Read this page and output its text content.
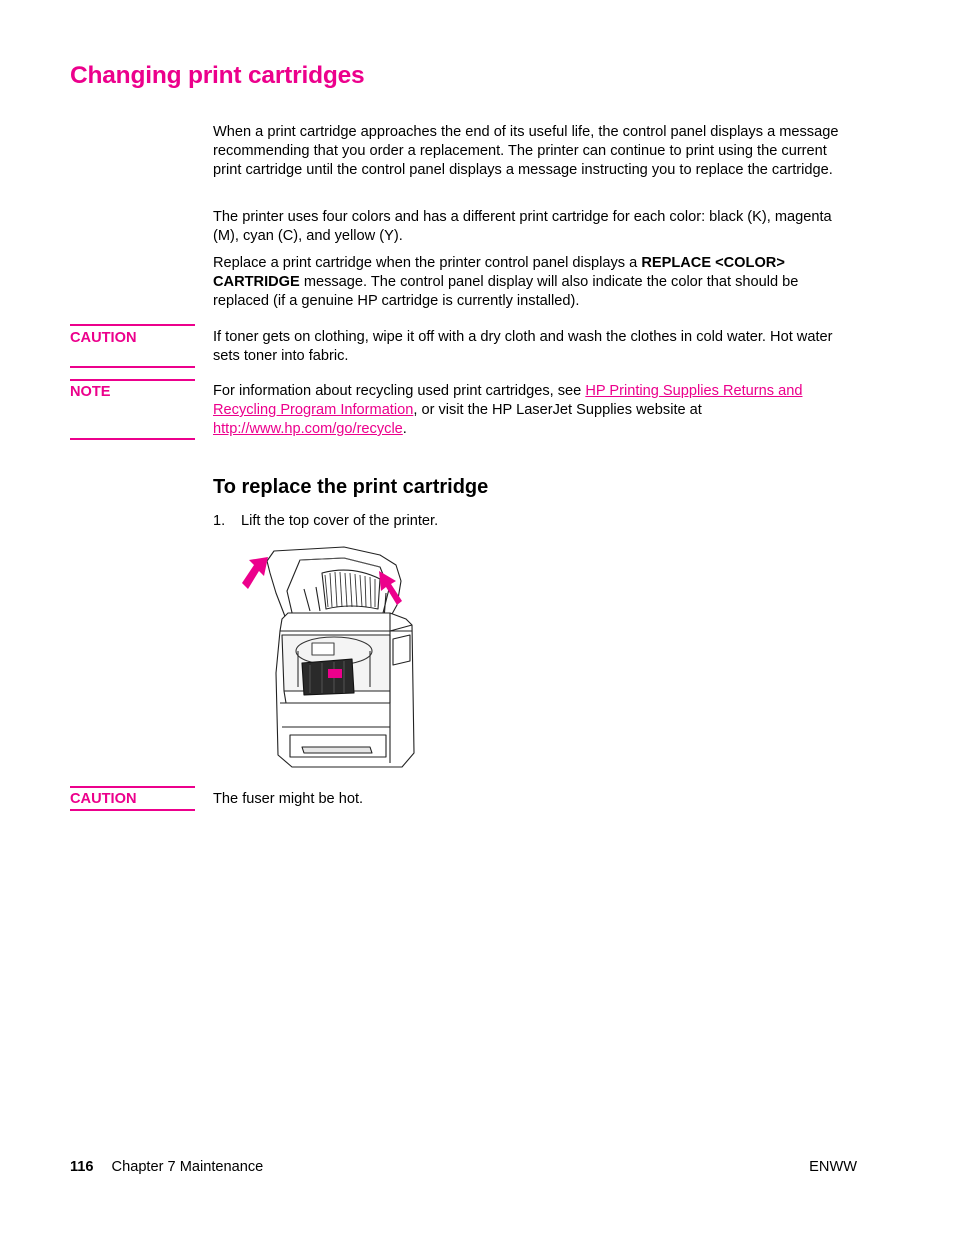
Changing print cartridges

When a print cartridge approaches the end of its useful life, the control panel displays a message recommending that you order a replacement. The printer can continue to print using the current print cartridge until the control panel displays a message instructing you to replace the cartridge.

The printer uses four colors and has a different print cartridge for each color: black (K), magenta (M), cyan (C), and yellow (Y).

Replace a print cartridge when the printer control panel displays a REPLACE <COLOR> CARTRIDGE message. The control panel display will also indicate the color that should be replaced (if a genuine HP cartridge is currently installed).

CAUTION	If toner gets on clothing, wipe it off with a dry cloth and wash the clothes in cold water. Hot water sets toner into fabric.

NOTE	For information about recycling used print cartridges, see HP Printing Supplies Returns and Recycling Program Information, or visit the HP LaserJet Supplies website at http://www.hp.com/go/recycle.

To replace the print cartridge

1. Lift the top cover of the printer.

CAUTION	The fuser might be hot.

116 Chapter 7 Maintenance	ENWW
